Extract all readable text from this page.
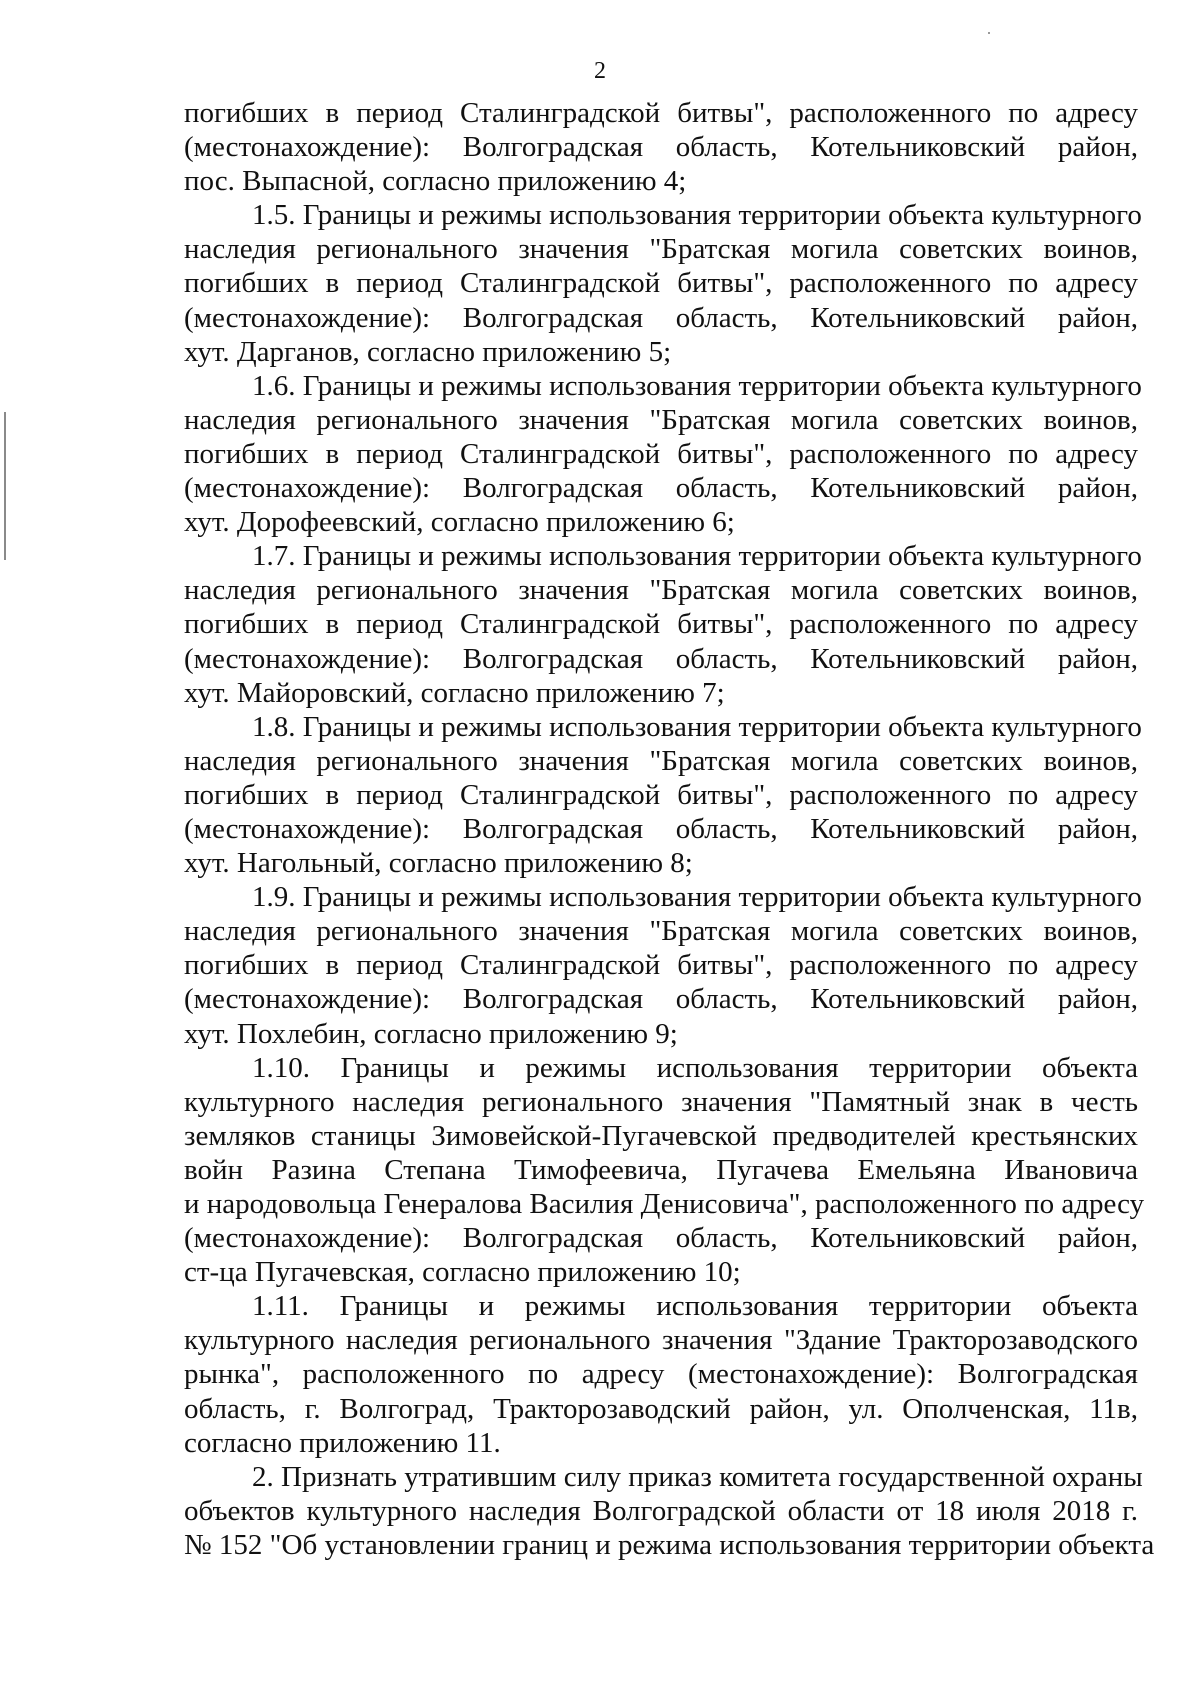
2
погибших в период Сталинградской битвы", расположенного по адресу
(местонахождение): Волгоградская область, Котельниковский район,
пос. Выпасной, согласно приложению 4;
1.5. Границы и режимы использования территории объекта культурного
наследия регионального значения "Братская могила советских воинов,
погибших в период Сталинградской битвы", расположенного по адресу
(местонахождение): Волгоградская область, Котельниковский район,
хут. Дарганов, согласно приложению 5;
1.6. Границы и режимы использования территории объекта культурного
наследия регионального значения "Братская могила советских воинов,
погибших в период Сталинградской битвы", расположенного по адресу
(местонахождение): Волгоградская область, Котельниковский район,
хут. Дорофеевский, согласно приложению 6;
1.7. Границы и режимы использования территории объекта культурного
наследия регионального значения "Братская могила советских воинов,
погибших в период Сталинградской битвы", расположенного по адресу
(местонахождение): Волгоградская область, Котельниковский район,
хут. Майоровский, согласно приложению 7;
1.8. Границы и режимы использования территории объекта культурного
наследия регионального значения "Братская могила советских воинов,
погибших в период Сталинградской битвы", расположенного по адресу
(местонахождение): Волгоградская область, Котельниковский район,
хут. Нагольный, согласно приложению 8;
1.9. Границы и режимы использования территории объекта культурного
наследия регионального значения "Братская могила советских воинов,
погибших в период Сталинградской битвы", расположенного по адресу
(местонахождение): Волгоградская область, Котельниковский район,
хут. Похлебин, согласно приложению 9;
1.10. Границы и режимы использования территории объекта
культурного наследия регионального значения "Памятный знак в честь
земляков станицы Зимовейской-Пугачевской предводителей крестьянских
войн Разина Степана Тимофеевича, Пугачева Емельяна Ивановича
и народовольца Генералова Василия Денисовича", расположенного по адресу
(местонахождение): Волгоградская область, Котельниковский район,
ст-ца Пугачевская, согласно приложению 10;
1.11. Границы и режимы использования территории объекта
культурного наследия регионального значения "Здание Тракторозаводского
рынка", расположенного по адресу (местонахождение): Волгоградская
область, г. Волгоград, Тракторозаводский район, ул. Ополченская, 11в,
согласно приложению 11.
2. Признать утратившим силу приказ комитета государственной охраны
объектов культурного наследия Волгоградской области от 18 июля 2018 г.
№ 152 "Об установлении границ и режима использования территории объекта
